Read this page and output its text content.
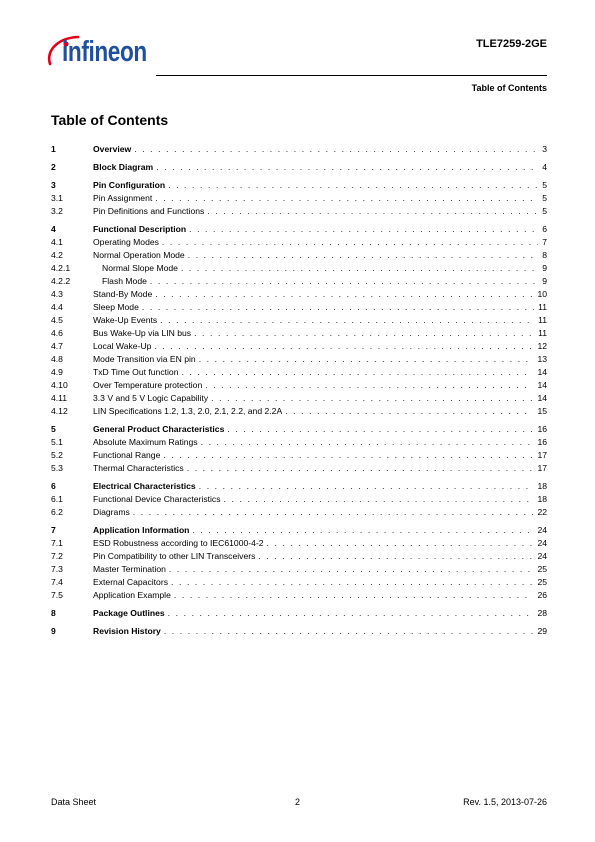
infineon	TLE7259-2GE
Table of Contents
Table of Contents
1	Overview . . .	3
2	Block Diagram . . .	4
3	Pin Configuration . . .	5
3.1	Pin Assignment . . .	5
3.2	Pin Definitions and Functions . . .	5
4	Functional Description . . .	6
4.1	Operating Modes . . .	7
4.2	Normal Operation Mode . . .	8
4.2.1	Normal Slope Mode . . .	9
4.2.2	Flash Mode . . .	9
4.3	Stand-By Mode . . .	10
4.4	Sleep Mode . . .	11
4.5	Wake-Up Events . . .	11
4.6	Bus Wake-Up via LIN bus . . .	11
4.7	Local Wake-Up . . .	12
4.8	Mode Transition via EN pin . . .	13
4.9	TxD Time Out function . . .	14
4.10	Over Temperature protection . . .	14
4.11	3.3 V and 5 V Logic Capability . . .	14
4.12	LIN Specifications 1.2, 1.3, 2.0, 2.1, 2.2, and 2.2A . . .	15
5	General Product Characteristics . . .	16
5.1	Absolute Maximum Ratings . . .	16
5.2	Functional Range . . .	17
5.3	Thermal Characteristics . . .	17
6	Electrical Characteristics . . .	18
6.1	Functional Device Characteristics . . .	18
6.2	Diagrams . . .	22
7	Application Information . . .	24
7.1	ESD Robustness according to IEC61000-4-2 . . .	24
7.2	Pin Compatibility to other LIN Transceivers . . .	24
7.3	Master Termination . . .	25
7.4	External Capacitors . . .	25
7.5	Application Example . . .	26
8	Package Outlines . . .	28
9	Revision History . . .	29
Data Sheet	2	Rev. 1.5, 2013-07-26
